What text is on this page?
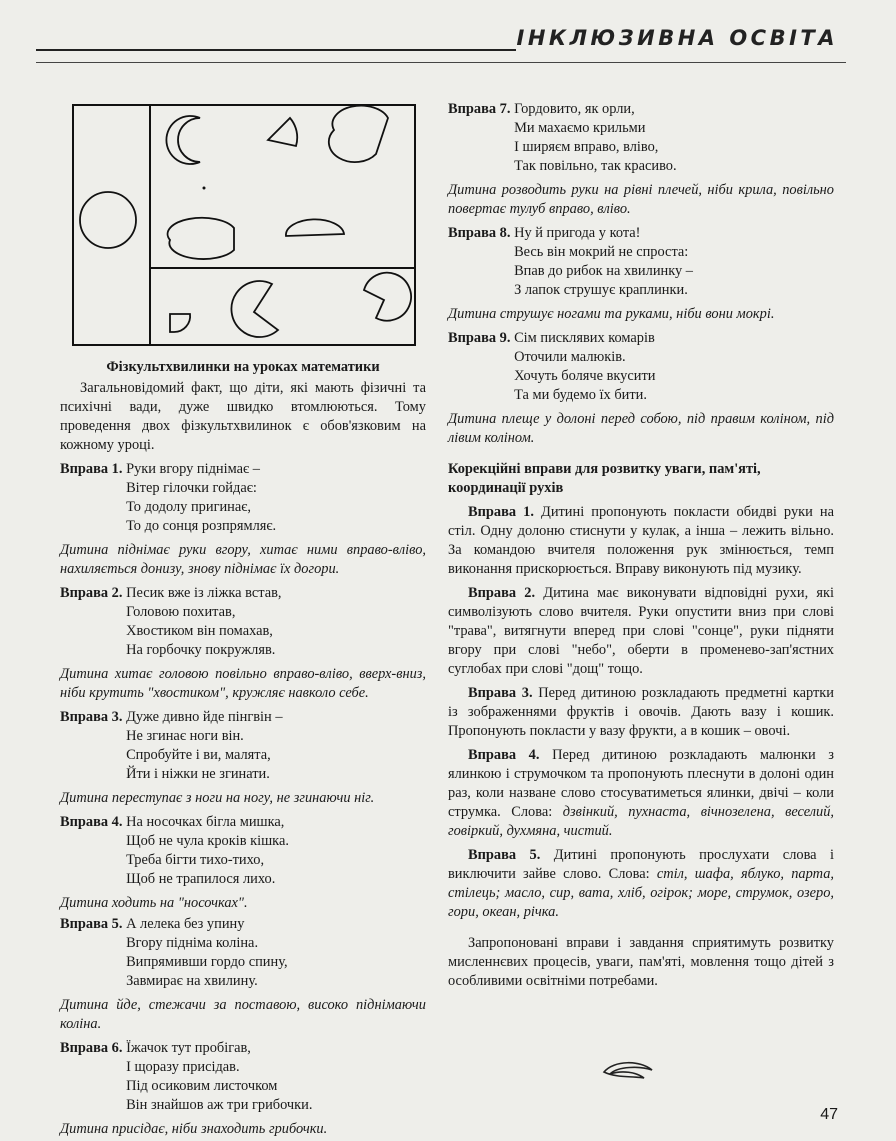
ІНКЛЮЗИВНА ОСВІТА
Фізкультхвилинки на уроках математики

Загальновідомий факт, що діти, які мають фізичні та психічні вади, дуже швидко втомлюються. Тому проведення двох фізкультхвилинок є обов'язковим на кожному уроці.

Вправа 1.
Руки вгору піднімає –
Вітер гілочки гойдає:
То додолу пригинає,
То до сонця розпрямляє.
Дитина піднімає руки вгору, хитає ними вправо-вліво, нахиляється донизу, знову піднімає їх догори.
Вправа 2.
Песик вже із ліжка встав,
Головою похитав,
Хвостиком він помахав,
На горбочку покружляв.
Дитина хитає головою повільно вправо-вліво, вверх-вниз, ніби крутить "хвостиком", кружляє навколо себе.
Вправа 3.
Дуже дивно йде пінгвін –
Не згинає ноги він.
Спробуйте і ви, малята,
Йти і ніжки не згинати.
Дитина переступає з ноги на ногу, не згинаючи ніг.
Вправа 4.
На носочках бігла мишка,
Щоб не чула кроків кішка.
Треба бігти тихо-тихо,
Щоб не трапилося лихо.
Дитина ходить на "носочках".
Вправа 5.
А лелека без упину
Вгору підніма коліна.
Випрямивши гордо спину,
Завмирає на хвилину.
Дитина йде, стежачи за поставою, високо піднімаючи коліна.
Вправа 6.
Їжачок тут пробігав,
І щоразу присідав.
Під осиковим листочком
Він знайшов аж три грибочки.
Дитина присідає, ніби знаходить грибочки.
Вправа 7.
Гордовито, як орли,
Ми махаємо крильми
І ширяєм вправо, вліво,
Так повільно, так красиво.
Дитина розводить руки на рівні плечей, ніби крила, повільно повертає тулуб вправо, вліво.
Вправа 8.
Ну й пригода у кота!
Весь він мокрий не спроста:
Впав до рибок на хвилинку –
З лапок струшує краплинки.
Дитина струшує ногами та руками, ніби вони мокрі.
Вправа 9.
Сім писклявих комарів
Оточили малюків.
Хочуть боляче вкусити
Та ми будемо їх бити.
Дитина плеще у долоні перед собою, під правим коліном, під лівим коліном.
Корекційні вправи для розвитку уваги, пам'яті, координації рухів

Вправа 1. Дитині пропонують покласти обидві руки на стіл. Одну долоню стиснути у кулак, а інша – лежить вільно. За командою вчителя положення рук змінюється, темп виконання прискорюється. Вправу виконують під музику.

Вправа 2. Дитина має виконувати відповідні рухи, які символізують слово вчителя. Руки опустити вниз при слові "трава", витягнути вперед при слові "сонце", руки підняти вгору при слові "небо", оберти в променево-зап'ястних суглобах при слові "дощ" тощо.

Вправа 3. Перед дитиною розкладають предметні картки із зображеннями фруктів і овочів. Дають вазу і кошик. Пропонують покласти у вазу фрукти, а в кошик – овочі.

Вправа 4. Перед дитиною розкладають малюнки з ялинкою і струмочком та пропонують плеснути в долоні один раз, коли назване слово стосуватиметься ялинки, двічі – коли струмка. Слова: дзвінкий, пухнаста, вічнозелена, веселий, говіркий, духмяна, чистий.

Вправа 5. Дитині пропонують прослухати слова і виключити зайве слово. Слова: стіл, шафа, яблуко, парта, стілець; масло, сир, вата, хліб, огірок; море, струмок, озеро, гори, океан, річка.

Запропоновані вправи і завдання сприятимуть розвитку мисленнєвих процесів, уваги, пам'яті, мовлення тощо дітей з особливими освітніми потребами.

47
